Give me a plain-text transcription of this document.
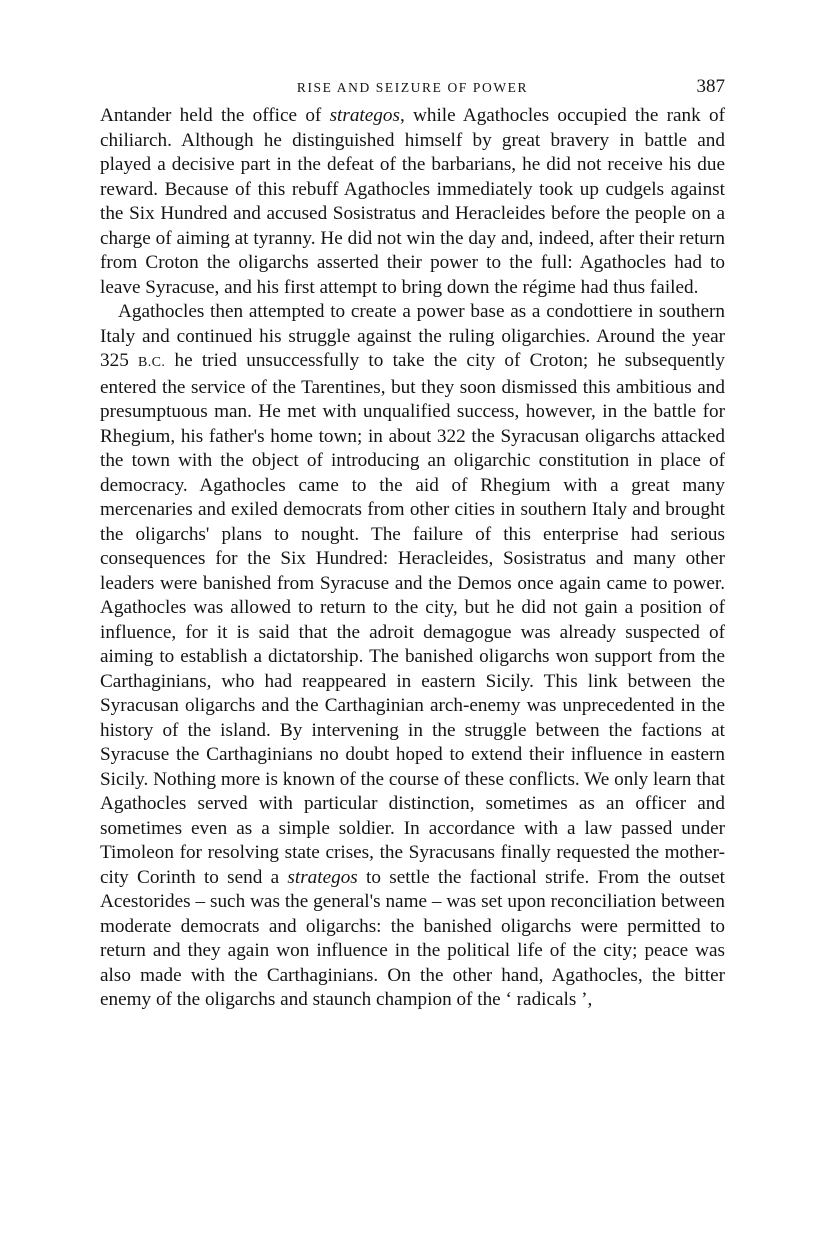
RISE AND SEIZURE OF POWER	387

Antander held the office of strategos, while Agathocles occupied the rank of chiliarch. Although he distinguished himself by great bravery in battle and played a decisive part in the defeat of the barbarians, he did not receive his due reward. Because of this rebuff Agathocles immediately took up cudgels against the Six Hundred and accused Sosistratus and Heracleides before the people on a charge of aiming at tyranny. He did not win the day and, indeed, after their return from Croton the oligarchs asserted their power to the full: Agathocles had to leave Syracuse, and his first attempt to bring down the régime had thus failed.

Agathocles then attempted to create a power base as a condottiere in southern Italy and continued his struggle against the ruling oligarchies. Around the year 325 B.C. he tried unsuccessfully to take the city of Croton; he subsequently entered the service of the Tarentines, but they soon dismissed this ambitious and presumptuous man. He met with unqualified success, however, in the battle for Rhegium, his father's home town; in about 322 the Syracusan oligarchs attacked the town with the object of introducing an oligarchic constitution in place of democracy. Agathocles came to the aid of Rhegium with a great many mercenaries and exiled democrats from other cities in southern Italy and brought the oligarchs' plans to nought. The failure of this enterprise had serious consequences for the Six Hundred: Heracleides, Sosistratus and many other leaders were banished from Syracuse and the Demos once again came to power. Agathocles was allowed to return to the city, but he did not gain a position of influence, for it is said that the adroit demagogue was already suspected of aiming to establish a dictatorship. The banished oligarchs won support from the Carthaginians, who had reappeared in eastern Sicily. This link between the Syracusan oligarchs and the Carthaginian arch-enemy was unprecedented in the history of the island. By intervening in the struggle between the factions at Syracuse the Carthaginians no doubt hoped to extend their influence in eastern Sicily. Nothing more is known of the course of these conflicts. We only learn that Agathocles served with particular distinction, sometimes as an officer and sometimes even as a simple soldier. In accordance with a law passed under Timoleon for resolving state crises, the Syracusans finally requested the mother-city Corinth to send a strategos to settle the factional strife. From the outset Acestorides – such was the general's name – was set upon reconciliation between moderate democrats and oligarchs: the banished oligarchs were permitted to return and they again won influence in the political life of the city; peace was also made with the Carthaginians. On the other hand, Agathocles, the bitter enemy of the oligarchs and staunch champion of the ‘ radicals ’,
